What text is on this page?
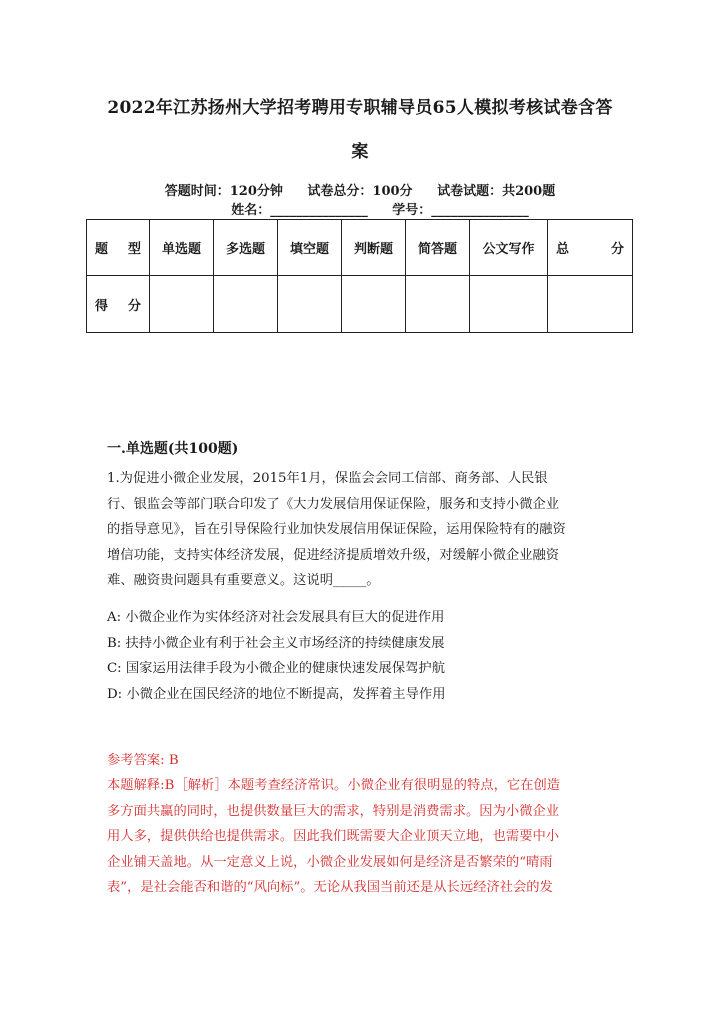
2022年江苏扬州大学招考聘用专职辅导员65人模拟考核试卷含答
案
答题时间：120分钟 试卷总分：100分 试卷试题：共200题
姓名：_______________ 学号：_______________
题 型	单选题	多选题	填空题	判断题	简答题	公文写作	总 分

得 分							

一.单选题(共100题)
1.为促进小微企业发展，2015年1月，保监会会同工信部、商务部、人民银
行、银监会等部门联合印发了《大力发展信用保证保险，服务和支持小微企业
的指导意见》，旨在引导保险行业加快发展信用保证保险，运用保险特有的融资
增信功能，支持实体经济发展，促进经济提质增效升级，对缓解小微企业融资
难、融资贵问题具有重要意义。这说明_____。
A: 小微企业作为实体经济对社会发展具有巨大的促进作用
B: 扶持小微企业有利于社会主义市场经济的持续健康发展
C: 国家运用法律手段为小微企业的健康快速发展保驾护航
D: 小微企业在国民经济的地位不断提高，发挥着主导作用
参考答案: B
本题解释:B［解析］本题考查经济常识。小微企业有很明显的特点，它在创造
多方面共赢的同时，也提供数量巨大的需求，特别是消费需求。因为小微企业
用人多，提供供给也提供需求。因此我们既需要大企业顶天立地，也需要中小
企业铺天盖地。从一定意义上说，小微企业发展如何是经济是否繁荣的“晴雨
表”，是社会能否和谐的“风向标”。无论从我国当前还是从长远经济社会的发
